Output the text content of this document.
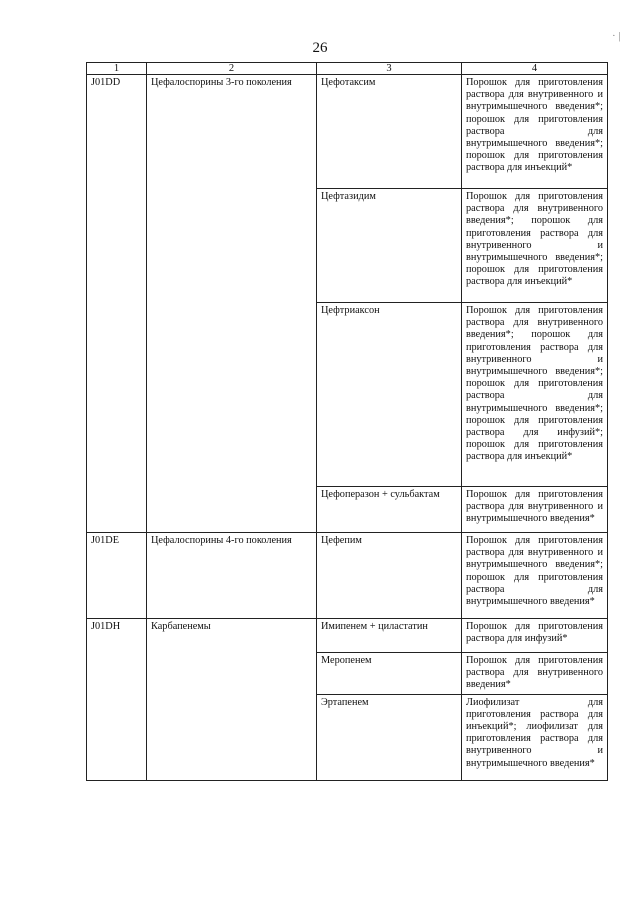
26
· |
1	2	3	4
J01DD	Цефалоспорины 3-го поколения	Цефотаксим	Порошок для приготовления раствора для внутривенного и внутримышечного введения*; порошок для приготовления раствора для внутримышечного введения*; порошок для приготовления раствора для инъекций*
		Цефтазидим	Порошок для приготовления раствора для внутривенного введения*; порошок для приготовления раствора для внутривенного и внутримышечного введения*; порошок для приготовления раствора для инъекций*
		Цефтриаксон	Порошок для приготовления раствора для внутривенного введения*; порошок для приготовления раствора для внутривенного и внутримышечного введения*; порошок для приготовления раствора для внутримышечного введения*; порошок для приготовления раствора для инфузий*; порошок для приготовления раствора для инъекций*
		Цефоперазон + сульбактам	Порошок для приготовления раствора для внутривенного и внутримышечного введения*
J01DE	Цефалоспорины 4-го поколения	Цефепим	Порошок для приготовления раствора для внутривенного и внутримышечного введения*; порошок для приготовления раствора для внутримышечного введения*
J01DH	Карбапенемы	Имипенем + циластатин	Порошок для приготовления раствора для инфузий*
		Меропенем	Порошок для приготовления раствора для внутривенного введения*
		Эртапенем	Лиофилизат для приготовления раствора для инъекций*; лиофилизат для приготовления раствора для внутривенного и внутримышечного введения*
